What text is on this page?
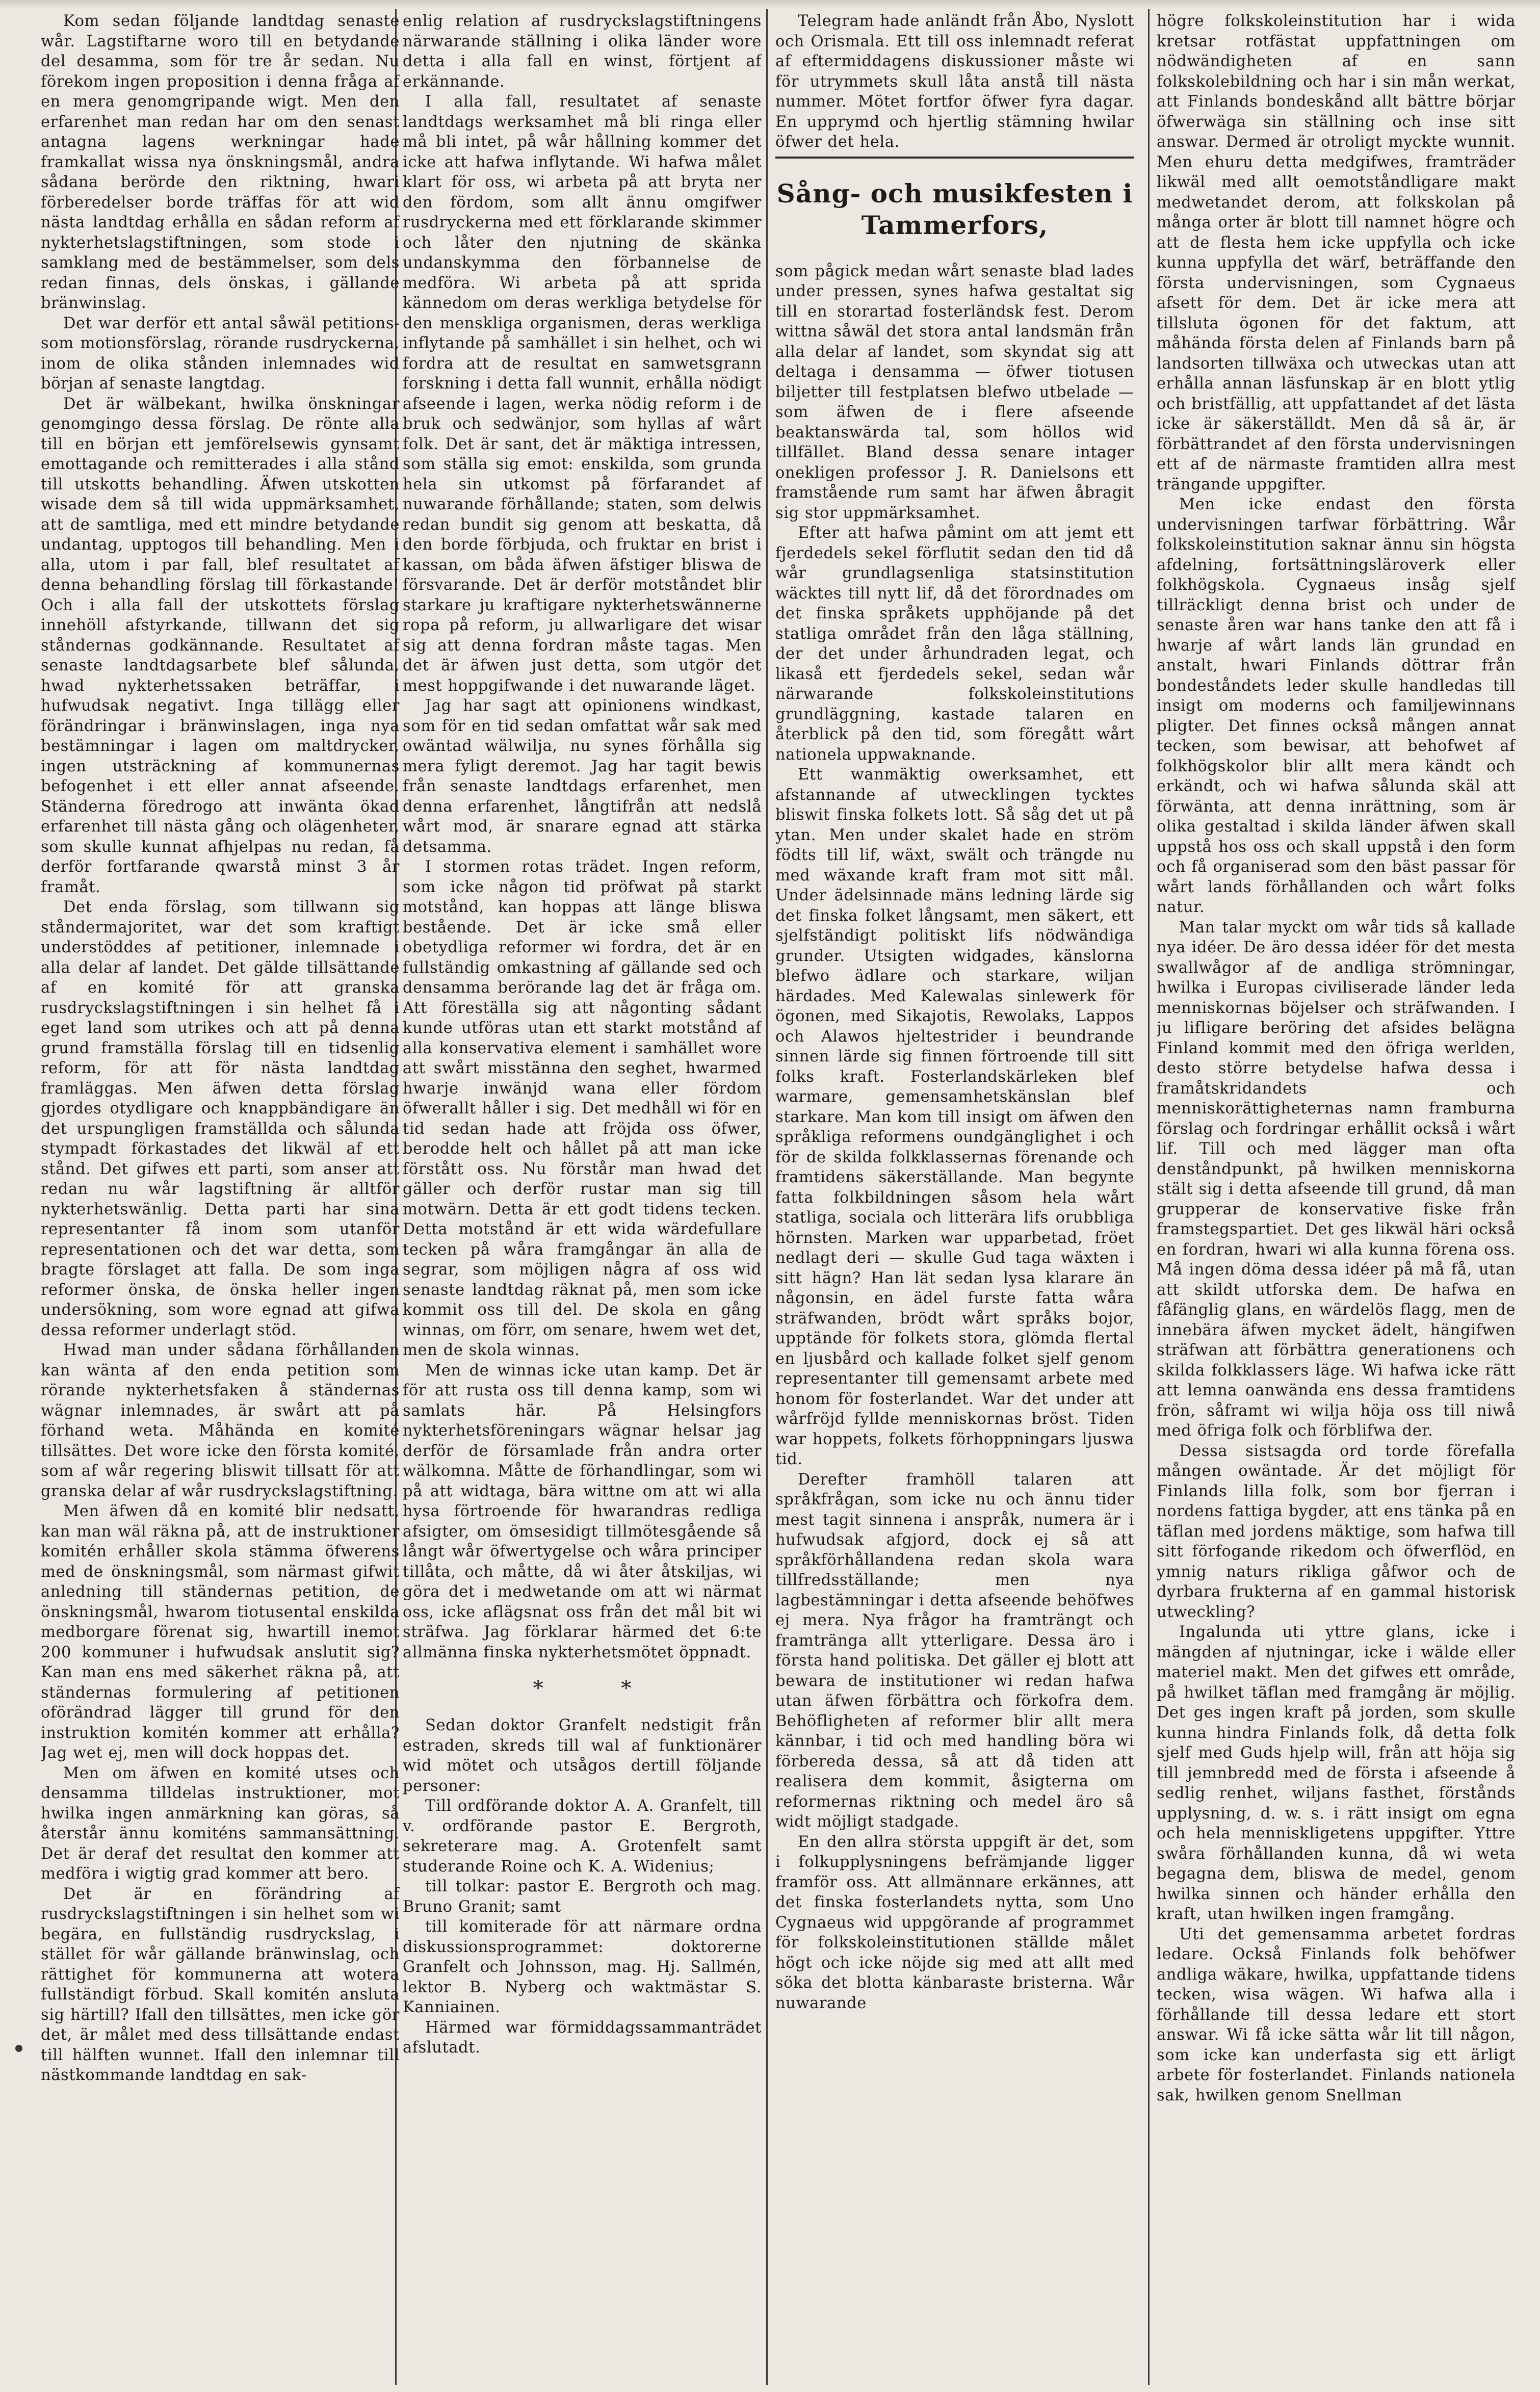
Kom sedan följande landtdag senaste wår. Lagstiftarne woro till en betydande del desamma, som för tre år sedan. Nu förekom ingen proposition i denna fråga af en mera genomgripande wigt. Men den erfarenhet man redan har om den senast antagna lagens werkningar hade framkallat wissa nya önskningsmål, andra sådana berörde den riktning, hwari förberedelser borde träffas för att wid nästa landtdag erhålla en sådan reform af nykterhetslagstiftningen, som stode i samklang med de bestämmelser, som dels redan finnas, dels önskas, i gällande bränwinslag.

Det war derför ett antal såwäl petitions- som motionsförslag, rörande rusdryckerna, inom de olika stånden inlemnades wid början af senaste langtdag.

Det är wälbekant, hwilka önskningar genomgingo dessa förslag. De rönte alla till en början ett jemförelsewis gynsamt emottagande och remitterades i alla stånd till utskotts behandling. Äfwen utskotten wisade dem så till wida uppmärksamhet, att de samtliga, med ett mindre betydande undantag, upptogos till behandling. Men i alla, utom i par fall, blef resultatet af denna behandling förslag till förkastande! Och i alla fall der utskottets förslag innehöll afstyrkande, tillwann det sig ståndernas godkännande. Resultatet af senaste landtdagsarbete blef sålunda, hwad nykterhetssaken beträffar, i hufwudsak negativt. Inga tillägg eller förändringar i bränwinslagen, inga nya bestämningar i lagen om maltdrycker, ingen utsträckning af kommunernas befogenhet i ett eller annat afseende. Ständerna föredrogo att inwänta ökad erfarenhet till nästa gång och olägenheter, som skulle kunnat afhjelpas nu redan, få derför fortfarande qwarstå minst 3 år framåt.

Det enda förslag, som tillwann sig ståndermajoritet, war det som kraftigt understöddes af petitioner, inlemnade i alla delar af landet. Det gälde tillsättande af en komité för att granska rusdryckslagstiftningen i sin helhet få i eget land som utrikes och att på denna grund framställa förslag till en tidsenlig reform, för att för nästa landtdag framläggas. Men äfwen detta förslag gjordes otydligare och knappbändigare än det urspungligen framställda och sålunda stympadt förkastades det likwäl af ett stånd. Det gifwes ett parti, som anser att redan nu wår lagstiftning är alltför nykterhetswänlig. Detta parti har sina representanter få inom som utanför representationen och det war detta, som bragte förslaget att falla. De som inga reformer önska, de önska heller ingen undersökning, som wore egnad att gifwa dessa reformer underlagt stöd.

Hwad man under sådana förhållanden kan wänta af den enda petition som rörande nykterhetsfaken å ständernas wägnar inlemnades, är swårt att på förhand weta. Måhända en komité tillsättes. Det wore icke den första komité, som af wår regering bliswit tillsatt för att granska delar af wår rusdryckslagstiftning.

Men äfwen då en komité blir nedsatt, kan man wäl räkna på, att de instruktioner komitén erhåller skola stämma öfwerens med de önskningsmål, som närmast gifwit anledning till ständernas petition, de önskningsmål, hwarom tiotusental enskilda medborgare förenat sig, hwartill inemot 200 kommuner i hufwudsak anslutit sig? Kan man ens med säkerhet räkna på, att ständernas formulering af petitionen oförändrad lägger till grund för den instruktion komitén kommer att erhålla? Jag wet ej, men will dock hoppas det.

Men om äfwen en komité utses och densamma tilldelas instruktioner, mot hwilka ingen anmärkning kan göras, så återstår ännu komiténs sammansättning. Det är deraf det resultat den kommer att medföra i wigtig grad kommer att bero.

Det är en förändring af rusdryckslagstiftningen i sin helhet som wi begära, en fullständig rusdryckslag, i stället för wår gällande bränwinslag, och rättighet för kommunerna att wotera fullständigt förbud. Skall komitén ansluta sig härtill? Ifall den tillsättes, men icke gör det, är målet med dess tillsättande endast till hälften wunnet. Ifall den inlemnar till nästkommande landtdag en sak-

enlig relation af rusdryckslagstiftningens närwarande ställning i olika länder wore detta i alla fall en winst, förtjent af erkännande.

I alla fall, resultatet af senaste landtdags werksamhet må bli ringa eller må bli intet, på wår hållning kommer det icke att hafwa inflytande. Wi hafwa målet klart för oss, wi arbeta på att bryta ner den fördom, som allt ännu omgifwer rusdryckerna med ett förklarande skimmer och låter den njutning de skänka undanskymma den förbannelse de medföra. Wi arbeta på att sprida kännedom om deras werkliga betydelse för den menskliga organismen, deras werkliga inflytande på samhället i sin helhet, och wi fordra att de resultat en samwetsgrann forskning i detta fall wunnit, erhålla nödigt afseende i lagen, werka nödig reform i de bruk och sedwänjor, som hyllas af wårt folk. Det är sant, det är mäktiga intressen, som ställa sig emot: enskilda, som grunda hela sin utkomst på förfarandet af nuwarande förhållande; staten, som delwis redan bundit sig genom att beskatta, då den borde förbjuda, och fruktar en brist i kassan, om båda äfwen äfstiger bliswa de försvarande. Det är derför motståndet blir starkare ju kraftigare nykterhetswännerne ropa på reform, ju allwarligare det wisar sig att denna fordran måste tagas. Men det är äfwen just detta, som utgör det mest hoppgifwande i det nuwarande läget.

Jag har sagt att opinionens windkast, som för en tid sedan omfattat wår sak med owäntad wälwilja, nu synes förhålla sig mera fyligt deremot. Jag har tagit bewis från senaste landtdags erfarenhet, men denna erfarenhet, långtifrån att nedslå wårt mod, är snarare egnad att stärka detsamma.

I stormen rotas trädet. Ingen reform, som icke någon tid pröfwat på starkt motstånd, kan hoppas att länge bliswa bestående. Det är icke små eller obetydliga reformer wi fordra, det är en fullständig omkastning af gällande sed och densamma berörande lag det är fråga om. Att föreställa sig att någonting sådant kunde utföras utan ett starkt motstånd af alla konservativa element i samhället wore att swårt misstänna den seghet, hwarmed hwarje inwänjd wana eller fördom öfwerallt håller i sig. Det medhåll wi för en tid sedan hade att fröjda oss öfwer, berodde helt och hållet på att man icke förstått oss. Nu förstår man hwad det gäller och derför rustar man sig till motwärn. Detta är ett godt tidens tecken. Detta motstånd är ett wida wärdefullare tecken på wåra framgångar än alla de segrar, som möjligen några af oss wid senaste landtdag räknat på, men som icke kommit oss till del. De skola en gång winnas, om förr, om senare, hwem wet det, men de skola winnas.

Men de winnas icke utan kamp. Det är för att rusta oss till denna kamp, som wi samlats här. På Helsingfors nykterhetsföreningars wägnar helsar jag derför de församlade från andra orter wälkomna. Måtte de förhandlingar, som wi på att widtaga, bära wittne om att wi alla hysa förtroende för hwarandras redliga afsigter, om ömsesidigt tillmötesgående så långt wår öfwertygelse och wåra principer tillåta, och måtte, då wi åter åtskiljas, wi göra det i medwetande om att wi närmat oss, icke aflägsnat oss från det mål bit wi sträfwa. Jag förklarar härmed det 6:te allmänna finska nykterhetsmötet öppnadt.

* *

Sedan doktor Granfelt nedstigit från estraden, skreds till wal af funktionärer wid mötet och utsågos dertill följande personer:

Till ordförande doktor A. A. Granfelt, till v. ordförande pastor E. Bergroth, sekreterare mag. A. Grotenfelt samt studerande Roine och K. A. Widenius;

till tolkar: pastor E. Bergroth och mag. Bruno Granit; samt

till komiterade för att närmare ordna diskussionsprogrammet: doktorerne Granfelt och Johnsson, mag. Hj. Sallmén, lektor B. Nyberg och waktmästar S. Kanniainen.

Härmed war förmiddagssammanträdet afslutadt.

Telegram hade anländt från Åbo, Nyslott och Orismala. Ett till oss inlemnadt referat af eftermiddagens diskussioner måste wi för utrymmets skull låta anstå till nästa nummer. Mötet fortfor öfwer fyra dagar. En upprymd och hjertlig stämning hwilar öfwer det hela.

Sång- och musikfesten i Tammerfors,

som pågick medan wårt senaste blad lades under pressen, synes hafwa gestaltat sig till en storartad fosterländsk fest. Derom wittna såwäl det stora antal landsmän från alla delar af landet, som skyndat sig att deltaga i densamma — öfwer tiotusen biljetter till festplatsen blefwo utbelade — som äfwen de i flere afseende beaktanswärda tal, som höllos wid tillfället. Bland dessa senare intager onekligen professor J. R. Danielsons ett framstående rum samt har äfwen åbragit sig stor uppmärksamhet.

Efter att hafwa påmint om att jemt ett fjerdedels sekel förflutit sedan den tid då wår grundlagsenliga statsinstitution wäcktes till nytt lif, då det förordnades om det finska språkets upphöjande på det statliga området från den låga ställning, der det under århundraden legat, och likaså ett fjerdedels sekel, sedan wår närwarande folkskoleinstitutions grundläggning, kastade talaren en återblick på den tid, som föregått wårt nationela uppwaknande.

Ett wanmäktig owerksamhet, ett afstannande af utwecklingen tycktes bliswit finska folkets lott. Så såg det ut på ytan. Men under skalet hade en ström födts till lif, wäxt, swält och trängde nu med wäxande kraft fram mot sitt mål. Under ädelsinnade mäns ledning lärde sig det finska folket långsamt, men säkert, ett sjelfständigt politiskt lifs nödwändiga grunder. Utsigten widgades, känslorna blefwo ädlare och starkare, wiljan härdades. Med Kalewalas sinlewerk för ögonen, med Sikajotis, Rewolaks, Lappos och Alawos hjeltestrider i beundrande sinnen lärde sig finnen förtroende till sitt folks kraft. Fosterlandskärleken blef warmare, gemensamhetskänslan blef starkare. Man kom till insigt om äfwen den språkliga reformens oundgänglighet i och för de skilda folkklassernas förenande och framtidens säkerställande. Man begynte fatta folkbildningen såsom hela wårt statliga, sociala och litterära lifs orubbliga hörnsten. Marken war upparbetad, fröet nedlagt deri — skulle Gud taga wäxten i sitt hägn? Han lät sedan lysa klarare än någonsin, en ädel furste fatta wåra sträfwanden, brödt wårt språks bojor, upptände för folkets stora, glömda flertal en ljusbård och kallade folket sjelf genom representanter till gemensamt arbete med honom för fosterlandet. War det under att wårfröjd fyllde menniskornas bröst. Tiden war hoppets, folkets förhoppningars ljuswa tid.

Derefter framhöll talaren att språkfrågan, som icke nu och ännu tider mest tagit sinnena i anspråk, numera är i hufwudsak afgjord, dock ej så att språkförhållandena redan skola wara tillfredsställande; men nya lagbestämningar i detta afseende behöfwes ej mera. Nya frågor ha framträngt och framtränga allt ytterligare. Dessa äro i första hand politiska. Det gäller ej blott att bewara de institutioner wi redan hafwa utan äfwen förbättra och förkofra dem. Behöfligheten af reformer blir allt mera kännbar, i tid och med handling böra wi förbereda dessa, så att då tiden att realisera dem kommit, åsigterna om reformernas riktning och medel äro så widt möjligt stadgade.

En den allra största uppgift är det, som i folkupplysningens befrämjande ligger framför oss. Att allmännare erkännes, att det finska fosterlandets nytta, som Uno Cygnaeus wid uppgörande af programmet för folkskoleinstitutionen ställde målet högt och icke nöjde sig med att allt med söka det blotta känbaraste bristerna. Wår nuwarande

högre folkskoleinstitution har i wida kretsar rotfästat uppfattningen om nödwändigheten af en sann folkskolebildning och har i sin mån werkat, att Finlands bondeskånd allt bättre börjar öfwerwäga sin ställning och inse sitt answar. Dermed är otroligt myckte wunnit. Men ehuru detta medgifwes, framträder likwäl med allt oemotståndligare makt medwetandet derom, att folkskolan på många orter är blott till namnet högre och att de flesta hem icke uppfylla och icke kunna uppfylla det wärf, beträffande den första undervisningen, som Cygnaeus afsett för dem. Det är icke mera att tillsluta ögonen för det faktum, att måhända första delen af Finlands barn på landsorten tillwäxa och utweckas utan att erhålla annan läsfunskap är en blott ytlig och bristfällig, att uppfattandet af det lästa icke är säkerställdt. Men då så är, är förbättrandet af den första undervisningen ett af de närmaste framtiden allra mest trängande uppgifter.

Men icke endast den första undervisningen tarfwar förbättring. Wår folkskoleinstitution saknar ännu sin högsta afdelning, fortsättningsläroverk eller folkhögskola. Cygnaeus insåg sjelf tillräckligt denna brist och under de senaste åren war hans tanke den att få i hwarje af wårt lands län grundad en anstalt, hwari Finlands döttrar från bondeståndets leder skulle handledas till insigt om moderns och familjewinnans pligter. Det finnes också mången annat tecken, som bewisar, att behofwet af folkhögskolor blir allt mera kändt och erkändt, och wi hafwa sålunda skäl att förwänta, att denna inrättning, som är olika gestaltad i skilda länder äfwen skall uppstå hos oss och skall uppstå i den form och få organiserad som den bäst passar för wårt lands förhållanden och wårt folks natur.

Man talar myckt om wår tids så kallade nya idéer. De äro dessa idéer för det mesta swallwågor af de andliga strömningar, hwilka i Europas civiliserade länder leda menniskornas böjelser och sträfwanden. I ju lifligare beröring det afsides belägna Finland kommit med den öfriga werlden, desto större betydelse hafwa dessa i framåtskridandets och menniskorättigheternas namn framburna förslag och fordringar erhållit också i wårt lif. Till och med lägger man ofta denståndpunkt, på hwilken menniskorna stält sig i detta afseende till grund, då man grupperar de konservative fiske från framstegspartiet. Det ges likwäl häri också en fordran, hwari wi alla kunna förena oss. Må ingen döma dessa idéer på må få, utan att skildt utforska dem. De hafwa en fåfänglig glans, en wärdelös flagg, men de innebära äfwen mycket ädelt, hängifwen sträfwan att förbättra generationens och skilda folkklassers läge. Wi hafwa icke rätt att lemna oanwända ens dessa framtidens frön, såframt wi wilja höja oss till niwå med öfriga folk och förblifwa der.

Dessa sistsagda ord torde förefalla mången owäntade. Är det möjligt för Finlands lilla folk, som bor fjerran i nordens fattiga bygder, att ens tänka på en täflan med jordens mäktige, som hafwa till sitt förfogande rikedom och öfwerflöd, en ymnig naturs rikliga gåfwor och de dyrbara frukterna af en gammal historisk utweckling?

Ingalunda uti yttre glans, icke i mängden af njutningar, icke i wälde eller materiel makt. Men det gifwes ett område, på hwilket täflan med framgång är möjlig. Det ges ingen kraft på jorden, som skulle kunna hindra Finlands folk, då detta folk sjelf med Guds hjelp will, från att höja sig till jemnbredd med de första i afseende å sedlig renhet, wiljans fasthet, förstånds upplysning, d. w. s. i rätt insigt om egna och hela menniskligetens uppgifter. Yttre swåra förhållanden kunna, då wi weta begagna dem, bliswa de medel, genom hwilka sinnen och händer erhålla den kraft, utan hwilken ingen framgång.

Uti det gemensamma arbetet fordras ledare. Också Finlands folk behöfwer andliga wäkare, hwilka, uppfattande tidens tecken, wisa wägen. Wi hafwa alla i förhållande till dessa ledare ett stort answar. Wi få icke sätta wår lit till någon, som icke kan underfasta sig ett ärligt arbete för fosterlandet. Finlands nationela sak, hwilken genom Snellman
